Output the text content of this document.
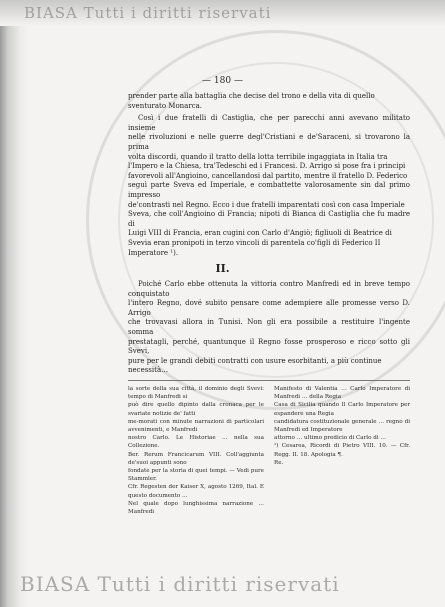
BIASA Tutti i diritti riservati

— 180 —

prender parte alla battaglia che decise del trono e della vita di quello
sventurato Monarca.

Così i due fratelli di Castiglia, che per parecchi anni avevano militato insieme
nelle rivoluzioni e nelle guerre degl'Cristiani e de'Saraceni, si trovarono la prima
volta discordi, quando il tratto della lotta terribile ingaggiata in Italia tra
l'Impero e la Chiesa, tra'Tedeschi ed i Francesi. D. Arrigo si pose fra i principi
favorevoli all'Angioino, cancellandosi dal partito, mentre il fratello D. Federico
seguì parte Sveva ed Imperiale, e combattette valorosamente sin dal primo impresso
de'contrasti nel Regno. Ecco i due fratelli imparentati così con casa Imperiale
Sveva, che coll'Angioino di Francia; nipoti di Bianca di Castiglia che fu madre di
Luigi VIII di Francia, eran cugini con Carlo d'Angiò; figliuoli di Beatrice di
Svevia eran pronipoti in terzo vincoli di parentela co'figli di Federico II
Imperatore ¹).

II.

Poiché Carlo ebbe ottenuta la vittoria contro Manfredi ed in breve tempo conquistato
l'intero Regno, dové subito pensare come adempiere alle promesse verso D. Arrigo
che trovavasi allora in Tunisi. Non gli era possibile a restituire l'ingente somma
prestatagli, perché, quantunque il Regno fosse prosperoso e ricco sotto gli Svevi,
pure per le grandi debiti contratti con usure esorbitanti, a più continue
necessità…

la sorte della sua città, il dominio degli Svevi: tempo di Manfredi si
può dire quello dipinto dalla cronaca per le svariate notizie de' fatti
me-morati con minute narrazioni di particolari avvenimenti, e Manfredi
nostro Carlo. Le Historiae … nella sua Collezione.
Ber. Rerum Francicarum VIII. Coll'aggiunta de'suoi appunti sono
fondate per la storia di quei tempi. — Vedi pure Stammler.
Cfr. Regesten der Kaiser X, agosto 1269, Ital. E questo documento …
Nel quale dopo lunghissima narrazione … Manfredi

Manifesto di Valentia … Carlo Imperatore di Manfredi … della Regia
Casa di Sicilia quando Il Carlo Imperatore per espandere una Regia
candidatura costituzionale generale … regno di Manfredi ed Imperatore
attorno … ultimo predicio di Carlo di …
¹) Cesarea, Ricordi di Pietro VIII. 10. — Cfr. Regg. II. 18. Apologia ¶.
Re.

BIASA Tutti i diritti riservati
